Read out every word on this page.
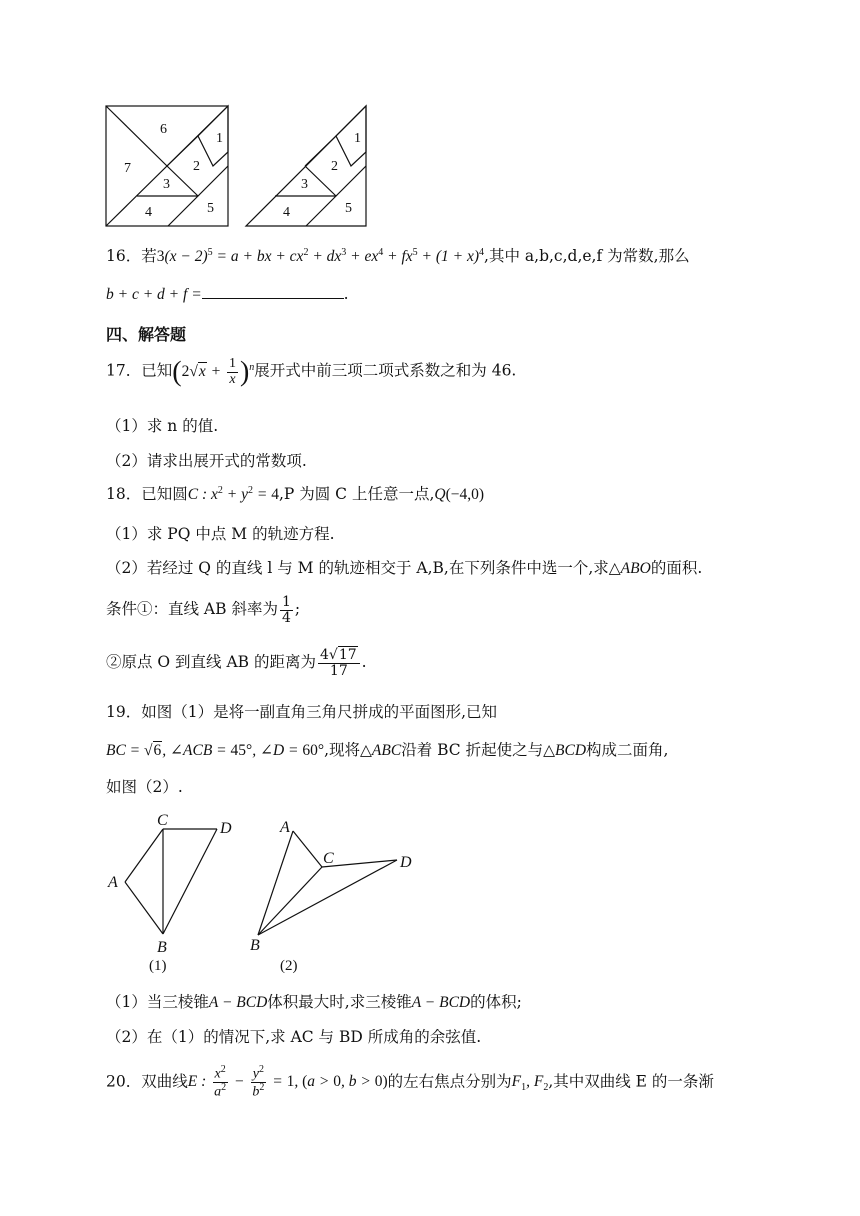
6
1
2
7
3
5
4
1
2
3
5
4
16．若$3(x - 2)^5 = a$ + bx + $cx^2 + dx^3 + ex^4 + fx^5 + (1 + x)^4$,其中 a,b,c,d,e,f 为常数,那么
b + c + d + f =	.
四、解答题
17．已知$(2√x + \frac{1}{x} )^n$展开式中前三项二项式系数之和为 46.
（1）求 n 的值.
（2）请求出展开式的常数项.
18．已知圆C : $x^2 + y^2 = 4,P$ 为圆 C 上任意一点,Q(−4,0)
（1）求 PQ 中点 M 的轨迹方程.
（2）若经过 Q 的直线 l 与 M 的轨迹相交于 A,B,在下列条件中选一个,求△ABO的面积.
条件①：直线 AB 斜率为 $\frac{1}{4}$ ;
②原点 O 到直线 AB 的距离为 $\frac{4√17}{17}$ .
19．如图（1）是将一副直角三角尺拼成的平面图形,已知
BC = √6, ∠ACB = 45°, ∠D = 60°,现将△ABC沿着 BC 折起使之与△BCD构成二面角,
如图（2）.
C	D
A
B
(1)
A
C	D
B
(2)
（1）当三棱锥A − BCD体积最大时,求三棱锥A − BCD的体积;
（2）在（1）的情况下,求 AC 与 BD 所成角的余弦值.
20．双曲线E : $\frac{x^2}{a^2} - \frac{y^2}{b^2} = 1$, (a > 0, b > 0)的左右焦点分别为$F_1$, $F_2$,其中双曲线 E 的一条渐
